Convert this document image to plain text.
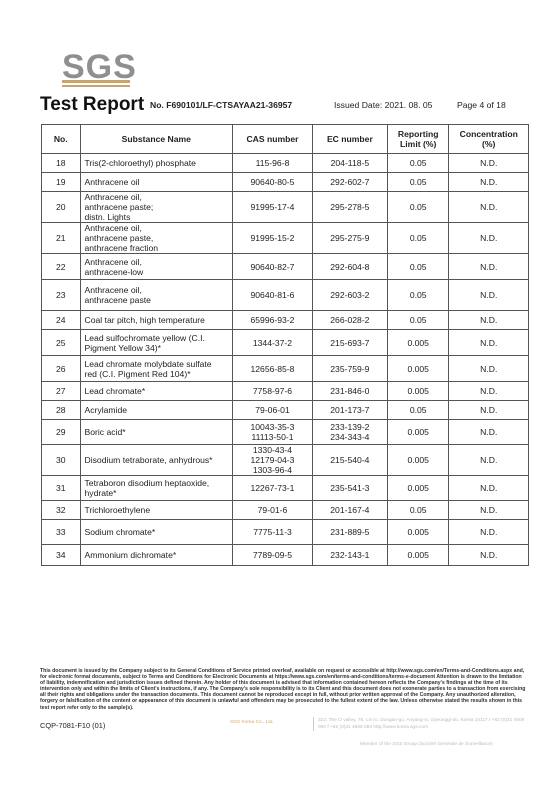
SGS
Test Report No. F690101/LF-CTSAYAA21-36957	Issued Date: 2021. 08. 05	Page 4 of 18
No.	Substance Name	CAS number	EC number	Reporting Limit (%)	Concentration (%)
18	Tris(2-chloroethyl) phosphate	115-96-8	204-118-5	0.05	N.D.
19	Anthracene oil	90640-80-5	292-602-7	0.05	N.D.
20	Anthracene oil,
anthracene paste;
distn. Lights	91995-17-4	295-278-5	0.05	N.D.
21	Anthracene oil,
anthracene paste,
anthracene fraction	91995-15-2	295-275-9	0.05	N.D.
22	Anthracene oil,
anthracene-low	90640-82-7	292-604-8	0.05	N.D.
23	Anthracene oil,
anthracene paste	90640-81-6	292-603-2	0.05	N.D.
24	Coal tar pitch, high temperature	65996-93-2	266-028-2	0.05	N.D.
25	Lead sulfochromate yellow (C.I.
Pigment Yellow 34)*	1344-37-2	215-693-7	0.005	N.D.
26	Lead chromate molybdate sulfate
red (C.I. Pigment Red 104)*	12656-85-8	235-759-9	0.005	N.D.
27	Lead chromate*	7758-97-6	231-846-0	0.005	N.D.
28	Acrylamide	79-06-01	201-173-7	0.05	N.D.
29	Boric acid*	10043-35-3
11113-50-1	233-139-2
234-343-4	0.005	N.D.
30	Disodium tetraborate, anhydrous*	1330-43-4
12179-04-3
1303-96-4	215-540-4	0.005	N.D.
31	Tetraboron disodium heptaoxide,
hydrate*	12267-73-1	235-541-3	0.005	N.D.
32	Trichloroethylene	79-01-6	201-167-4	0.05	N.D.
33	Sodium chromate*	7775-11-3	231-889-5	0.005	N.D.
34	Ammonium dichromate*	7789-09-5	232-143-1	0.005	N.D.
This document is issued by the Company subject to its General Conditions of Service printed overleaf, available on request or accessible at http://www.sgs.com/en/Terms-and-Conditions.aspx and, for electronic format documents, subject to Terms and Conditions for Electronic Documents at https://www.sgs.com/en/terms-and-conditions/terms-e-document Attention is drawn to the limitation of liability, indemnification and jurisdiction issues defined therein. Any holder of this document is advised that information contained hereon reflects the Company's findings at the time of its intervention only and within the limits of Client's instructions, if any. The Company's sole responsibility is to its Client and this document does not exonerate parties to a transaction from exercising all their rights and obligations under the transaction documents. This document cannot be reproduced except in full, without prior written approval of the Company. Any unauthorized alteration, forgery or falsification of the content or appearance of this document is unlawful and offenders may be prosecuted to the fullest extent of the law. Unless otherwise stated the results shown in this test report refer only to the sample(s).
CQP-7081-F10 (01)	SGS Korea Co., Ltd.	322, The O valley, 76, LS-ro, Dongan-gu, Anyang-si, Gyeonggi-do, Korea 14117 t +82 (0)31 4608 000 f +82 (0)31 4608 059 http://www.korea.sgs.com
Member of the SGS Group (Société Générale de Surveillance)
